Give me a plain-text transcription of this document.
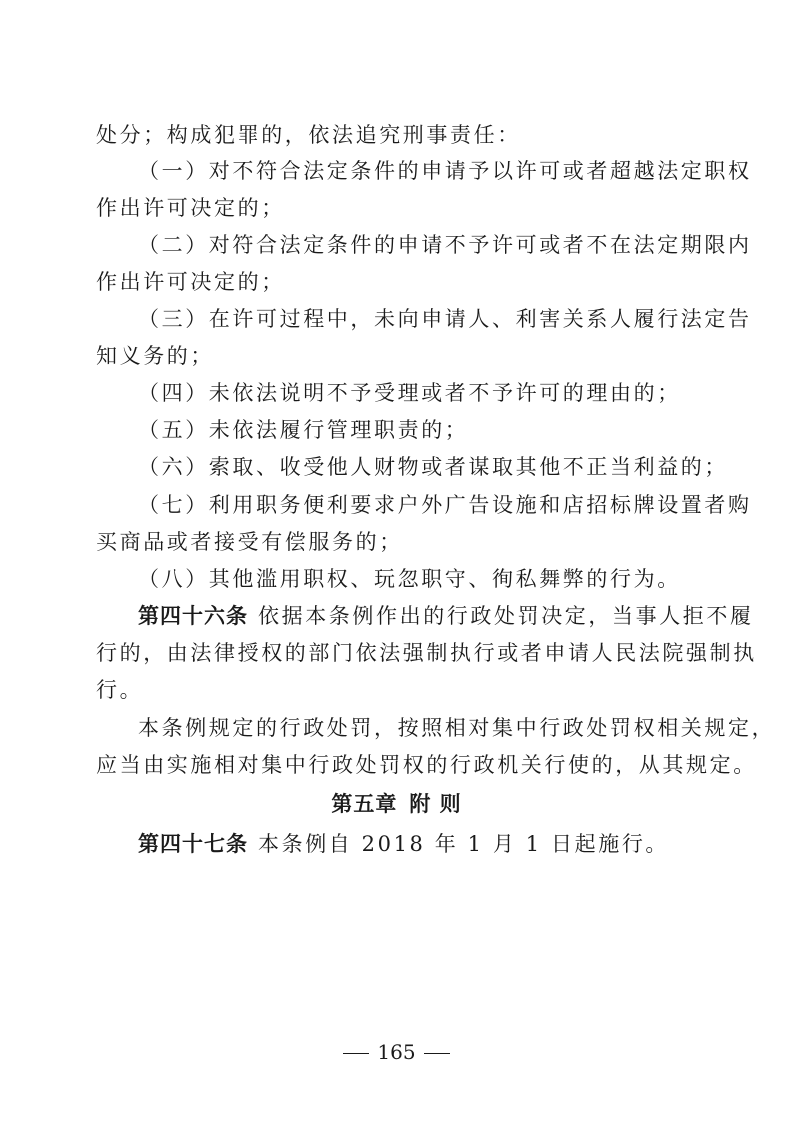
处分；构成犯罪的，依法追究刑事责任：
（一）对不符合法定条件的申请予以许可或者超越法定职权
作出许可决定的；
（二）对符合法定条件的申请不予许可或者不在法定期限内
作出许可决定的；
（三）在许可过程中，未向申请人、利害关系人履行法定告
知义务的；
（四）未依法说明不予受理或者不予许可的理由的；
（五）未依法履行管理职责的；
（六）索取、收受他人财物或者谋取其他不正当利益的；
（七）利用职务便利要求户外广告设施和店招标牌设置者购
买商品或者接受有偿服务的；
（八）其他滥用职权、玩忽职守、徇私舞弊的行为。
第四十六条 依据本条例作出的行政处罚决定，当事人拒不履
行的，由法律授权的部门依法强制执行或者申请人民法院强制执
行。
本条例规定的行政处罚，按照相对集中行政处罚权相关规定，
应当由实施相对集中行政处罚权的行政机关行使的，从其规定。
第五章 附 则
第四十七条 本条例自 2018 年 1 月 1 日起施行。
165
